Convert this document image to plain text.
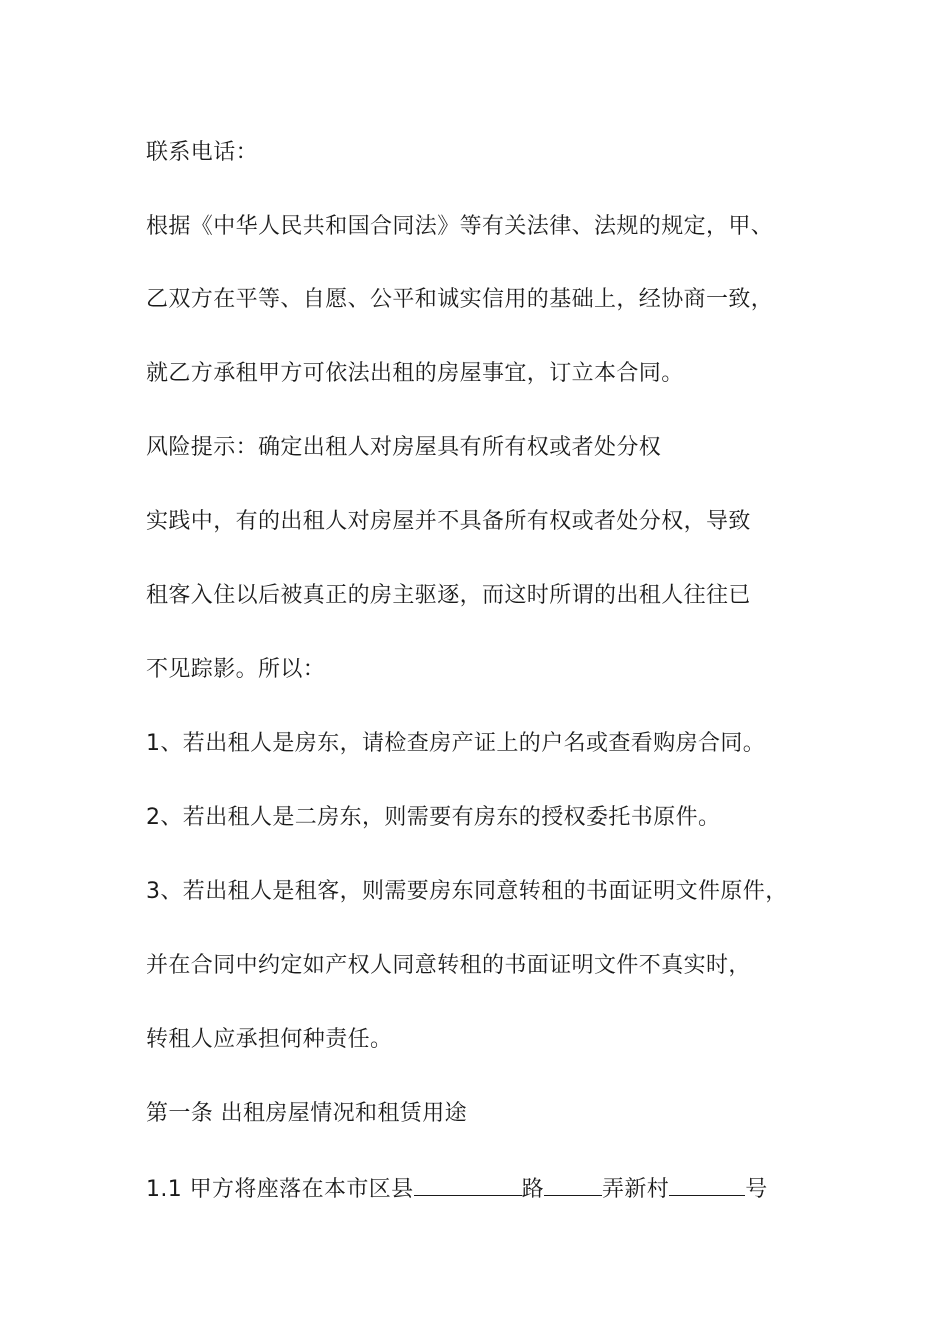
联系电话：
根据《中华人民共和国合同法》等有关法律、法规的规定，甲、
乙双方在平等、自愿、公平和诚实信用的基础上，经协商一致，
就乙方承租甲方可依法出租的房屋事宜，订立本合同。
风险提示：确定出租人对房屋具有所有权或者处分权
实践中，有的出租人对房屋并不具备所有权或者处分权，导致
租客入住以后被真正的房主驱逐，而这时所谓的出租人往往已
不见踪影。所以：
1、若出租人是房东，请检查房产证上的户名或查看购房合同。
2、若出租人是二房东，则需要有房东的授权委托书原件。
3、若出租人是租客，则需要房东同意转租的书面证明文件原件，
并在合同中约定如产权人同意转租的书面证明文件不真实时，
转租人应承担何种责任。
第一条 出租房屋情况和租赁用途
1.1 甲方将座落在本市区县	路	弄新村	号
